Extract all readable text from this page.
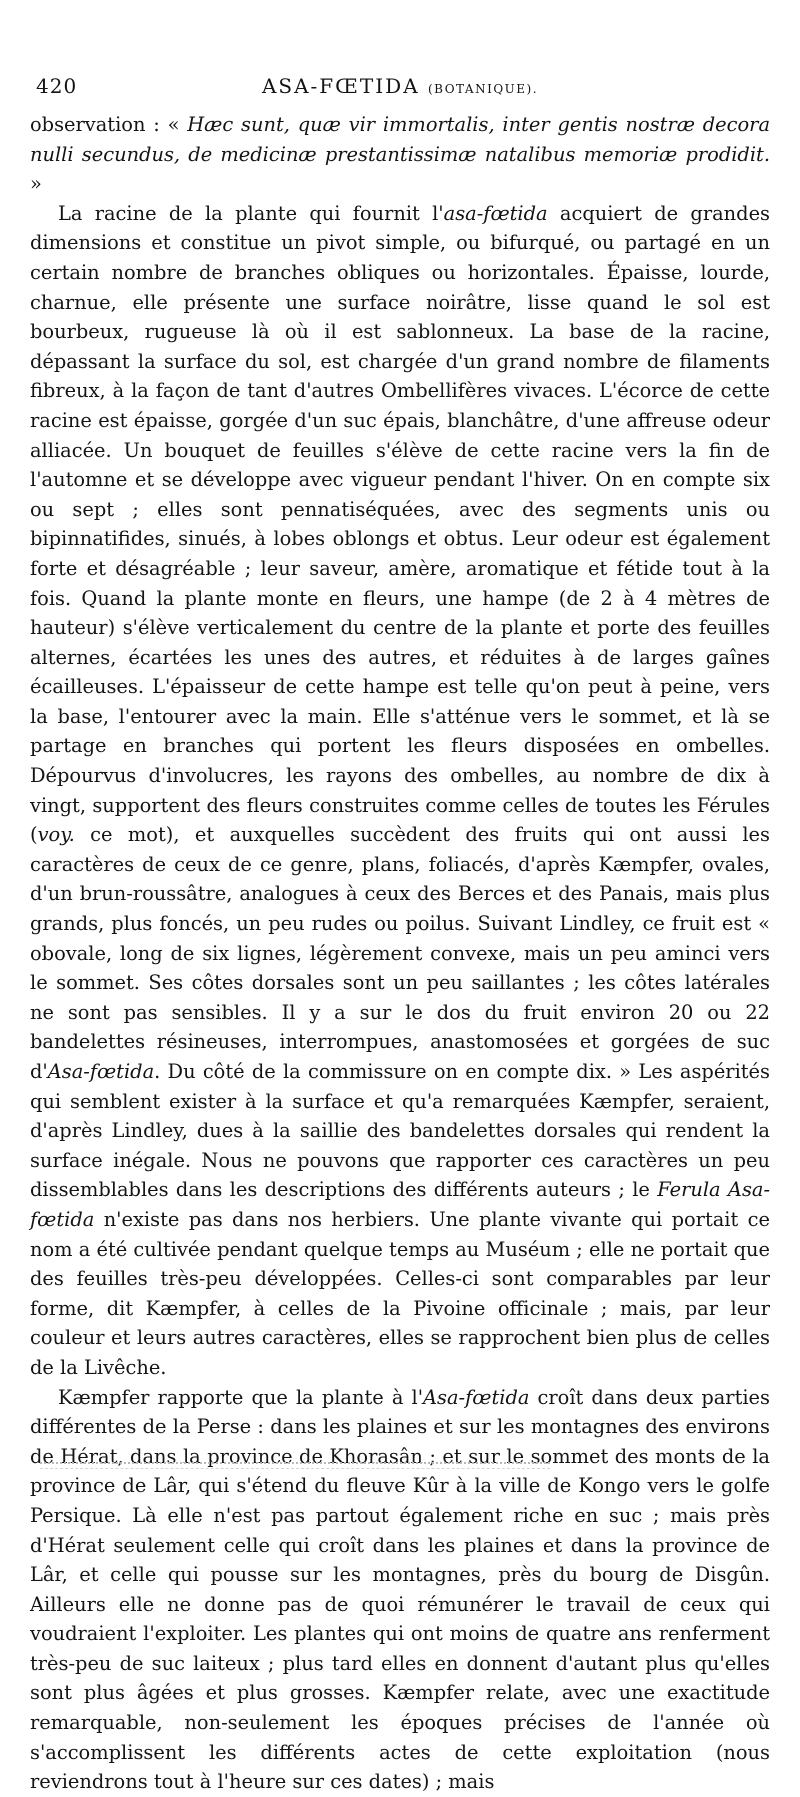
420	ASA-FŒTIDA (BOTANIQUE).

observation : « Hæc sunt, quæ vir immortalis, inter gentis nostræ decora nulli secundus, de medicinæ prestantissimæ natalibus memoriæ prodidit. »

La racine de la plante qui fournit l'asa-fœtida acquiert de grandes dimensions et constitue un pivot simple, ou bifurqué, ou partagé en un certain nombre de branches obliques ou horizontales. Épaisse, lourde, charnue, elle présente une surface noirâtre, lisse quand le sol est bourbeux, rugueuse là où il est sablonneux. La base de la racine, dépassant la surface du sol, est chargée d'un grand nombre de filaments fibreux, à la façon de tant d'autres Ombellifères vivaces. L'écorce de cette racine est épaisse, gorgée d'un suc épais, blanchâtre, d'une affreuse odeur alliacée. Un bouquet de feuilles s'élève de cette racine vers la fin de l'automne et se développe avec vigueur pendant l'hiver. On en compte six ou sept ; elles sont pennatiséquées, avec des segments unis ou bipinnatifides, sinués, à lobes oblongs et obtus. Leur odeur est également forte et désagréable ; leur saveur, amère, aromatique et fétide tout à la fois. Quand la plante monte en fleurs, une hampe (de 2 à 4 mètres de hauteur) s'élève verticalement du centre de la plante et porte des feuilles alternes, écartées les unes des autres, et réduites à de larges gaînes écailleuses. L'épaisseur de cette hampe est telle qu'on peut à peine, vers la base, l'entourer avec la main. Elle s'atténue vers le sommet, et là se partage en branches qui portent les fleurs disposées en ombelles. Dépourvus d'involucres, les rayons des ombelles, au nombre de dix à vingt, supportent des fleurs construites comme celles de toutes les Férules (voy. ce mot), et auxquelles succèdent des fruits qui ont aussi les caractères de ceux de ce genre, plans, foliacés, d'après Kæmpfer, ovales, d'un brun-roussâtre, analogues à ceux des Berces et des Panais, mais plus grands, plus foncés, un peu rudes ou poilus. Suivant Lindley, ce fruit est « obovale, long de six lignes, légèrement convexe, mais un peu aminci vers le sommet. Ses côtes dorsales sont un peu saillantes ; les côtes latérales ne sont pas sensibles. Il y a sur le dos du fruit environ 20 ou 22 bandelettes résineuses, interrompues, anastomosées et gorgées de suc d'Asa-fœtida. Du côté de la commissure on en compte dix. » Les aspérités qui semblent exister à la surface et qu'a remarquées Kæmpfer, seraient, d'après Lindley, dues à la saillie des bandelettes dorsales qui rendent la surface inégale. Nous ne pouvons que rapporter ces caractères un peu dissemblables dans les descriptions des différents auteurs ; le Ferula Asa-fœtida n'existe pas dans nos herbiers. Une plante vivante qui portait ce nom a été cultivée pendant quelque temps au Muséum ; elle ne portait que des feuilles très-peu développées. Celles-ci sont comparables par leur forme, dit Kæmpfer, à celles de la Pivoine officinale ; mais, par leur couleur et leurs autres caractères, elles se rapprochent bien plus de celles de la Livêche.

Kæmpfer rapporte que la plante à l'Asa-fœtida croît dans deux parties différentes de la Perse : dans les plaines et sur les montagnes des environs de Hérat, dans la province de Khorasân ; et sur le sommet des monts de la province de Lâr, qui s'étend du fleuve Kûr à la ville de Kongo vers le golfe Persique. Là elle n'est pas partout également riche en suc ; mais près d'Hérat seulement celle qui croît dans les plaines et dans la province de Lâr, et celle qui pousse sur les montagnes, près du bourg de Disgûn. Ailleurs elle ne donne pas de quoi rémunérer le travail de ceux qui voudraient l'exploiter. Les plantes qui ont moins de quatre ans renferment très-peu de suc laiteux ; plus tard elles en donnent d'autant plus qu'elles sont plus âgées et plus grosses. Kæmpfer relate, avec une exactitude remarquable, non-seulement les époques précises de l'année où s'accomplissent les différents actes de cette exploitation (nous reviendrons tout à l'heure sur ces dates) ; mais
